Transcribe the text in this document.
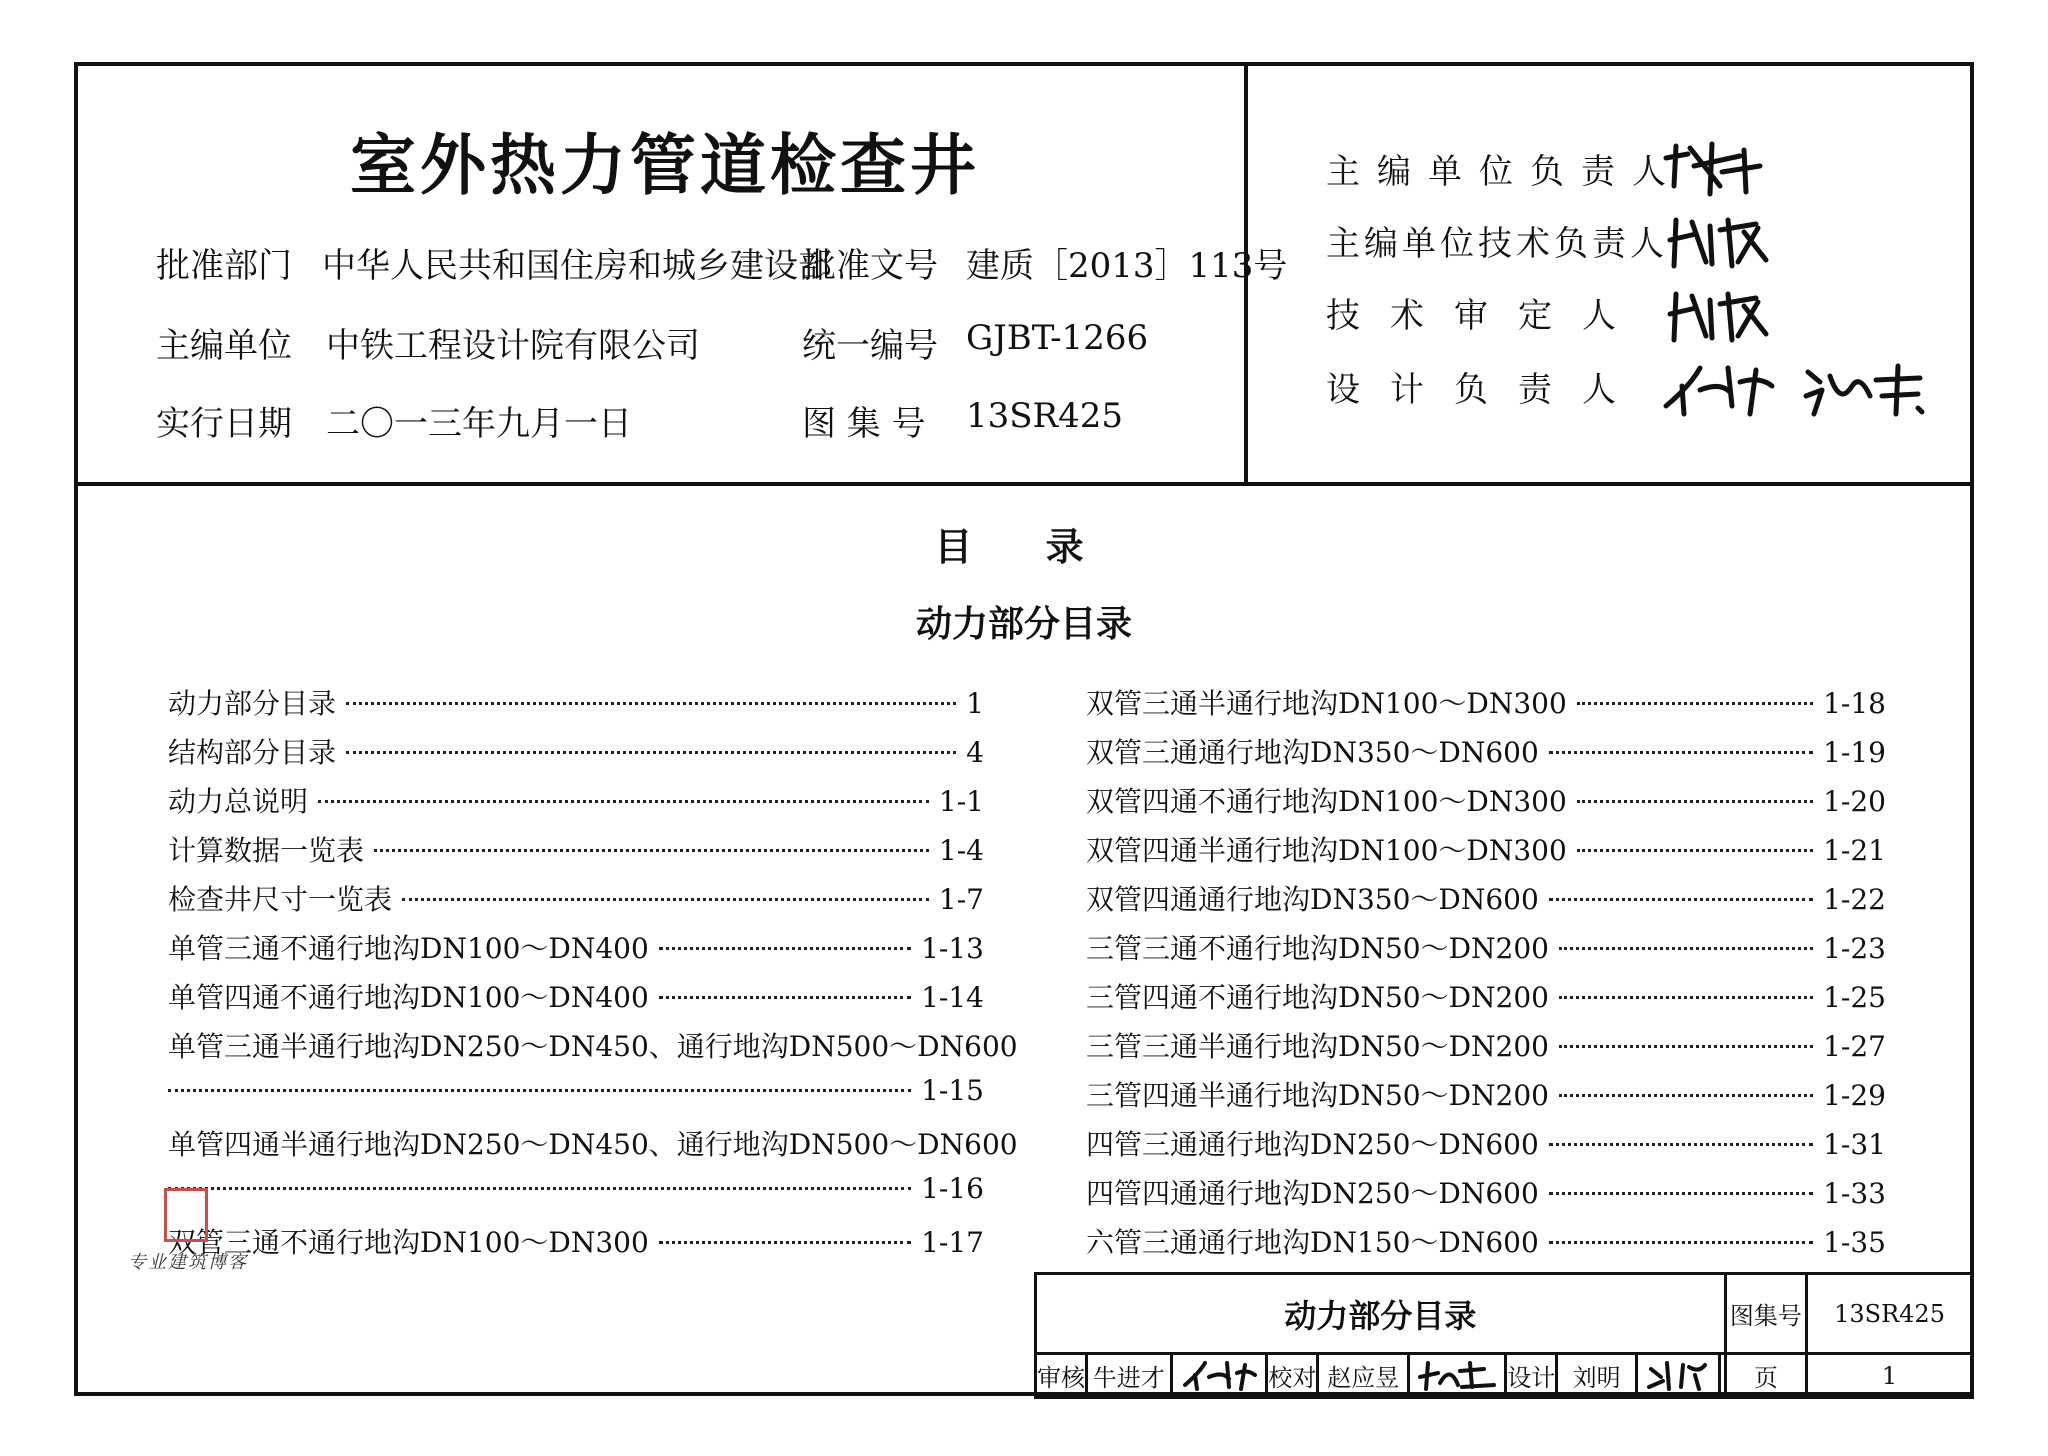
室外热力管道检查井
批准部门 中华人民共和国住房和城乡建设部
批准文号 建质［2013］113号
主编单位 中铁工程设计院有限公司	统一编号 GJBT-1266
实行日期 二〇一三年九月一日	图 集 号 13SR425
主编单位负责人
主编单位技术负责人
技术审定人
设计负责人
目 录
动力部分目录
动力部分目录	1
结构部分目录	4
动力总说明	1-1
计算数据一览表	1-4
检查井尺寸一览表	1-7
单管三通不通行地沟DN100～DN400	1-13
单管四通不通行地沟DN100～DN400	1-14
单管三通半通行地沟DN250～DN450、通行地沟DN500～DN600
1-15
单管四通半通行地沟DN250～DN450、通行地沟DN500～DN600
1-16
双管三通不通行地沟DN100～DN300	1-17
双管三通半通行地沟DN100～DN300	1-18
双管三通通行地沟DN350～DN600	1-19
双管四通不通行地沟DN100～DN300	1-20
双管四通半通行地沟DN100～DN300	1-21
双管四通通行地沟DN350～DN600	1-22
三管三通不通行地沟DN50～DN200	1-23
三管四通不通行地沟DN50～DN200	1-25
三管三通半通行地沟DN50～DN200	1-27
三管四通半通行地沟DN50～DN200	1-29
四管三通通行地沟DN250～DN600	1-31
四管四通通行地沟DN250～DN600	1-33
六管三通通行地沟DN150～DN600	1-35
专业建筑博客
动力部分目录										图集号	13SR425
审核	牛进才		校对	赵应昱		设计	刘明			页	1
